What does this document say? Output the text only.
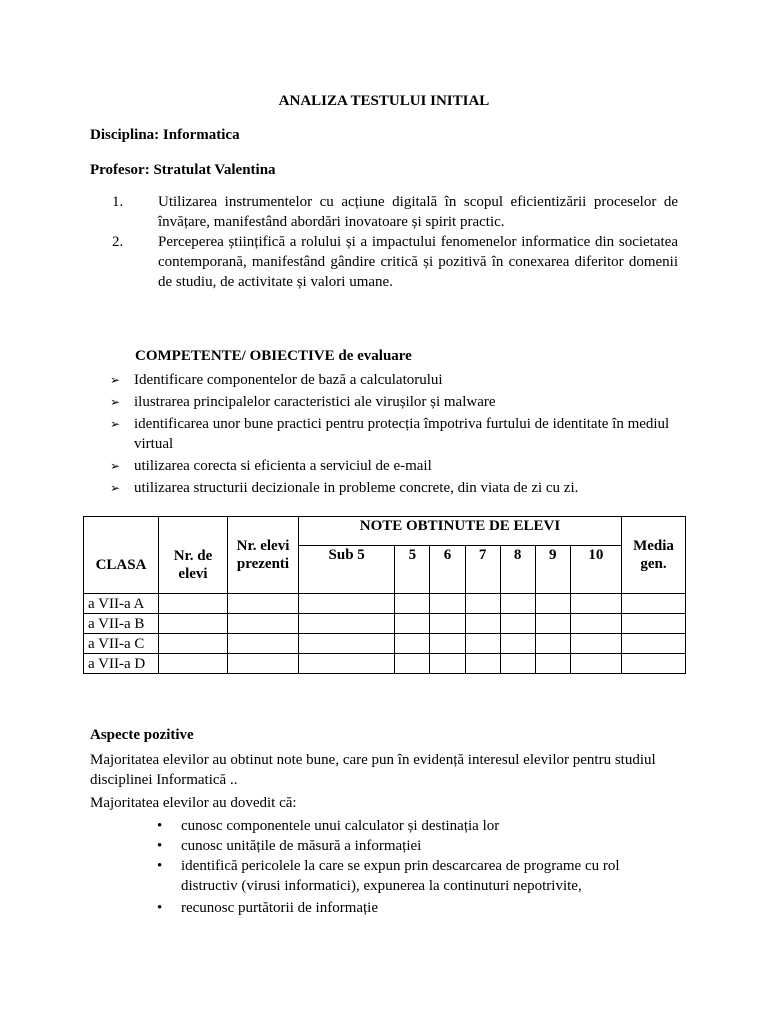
ANALIZA TESTULUI INITIAL
Disciplina: Informatica
Profesor: Stratulat Valentina
1. Utilizarea instrumentelor cu acțiune digitală în scopul eficientizării proceselor de învățare, manifestând abordări inovatoare și spirit practic.
2. Perceperea științifică a rolului și a impactului fenomenelor informatice din societatea contemporană, manifestând gândire critică și pozitivă în conexarea diferitor domenii de studiu, de activitate și valori umane.
COMPETENTE/ OBIECTIVE de evaluare
➢ Identificare componentelor de bază a calculatorului
➢ ilustrarea principalelor caracteristici ale virușilor și malware
➢ identificarea unor bune practici pentru protecția împotriva furtului de identitate în mediul virtual
➢ utilizarea corecta si eficienta a serviciul de e-mail
➢ utilizarea structurii decizionale in probleme concrete, din viata de zi cu zi.
CLASA	Nr. de elevi	Nr. elevi prezenti	NOTE OBTINUTE DE ELEVI							Media gen.
			Sub 5	5	6	7	8	9	10	
a VII-a A										
a VII-a B										
a VII-a C										
a VII-a D										
Aspecte pozitive

Majoritatea elevilor au obtinut note bune, care pun în evidență interesul elevilor pentru studiul disciplinei Informatică ..

Majoritatea elevilor au dovedit că:

• cunosc componentele unui calculator și destinația lor
• cunosc unitățile de măsură a informației
• identifică pericolele la care se expun prin descarcarea de programe cu rol distructiv (virusi informatici), expunerea la continuturi nepotrivite,
• recunosc purtătorii de informație
